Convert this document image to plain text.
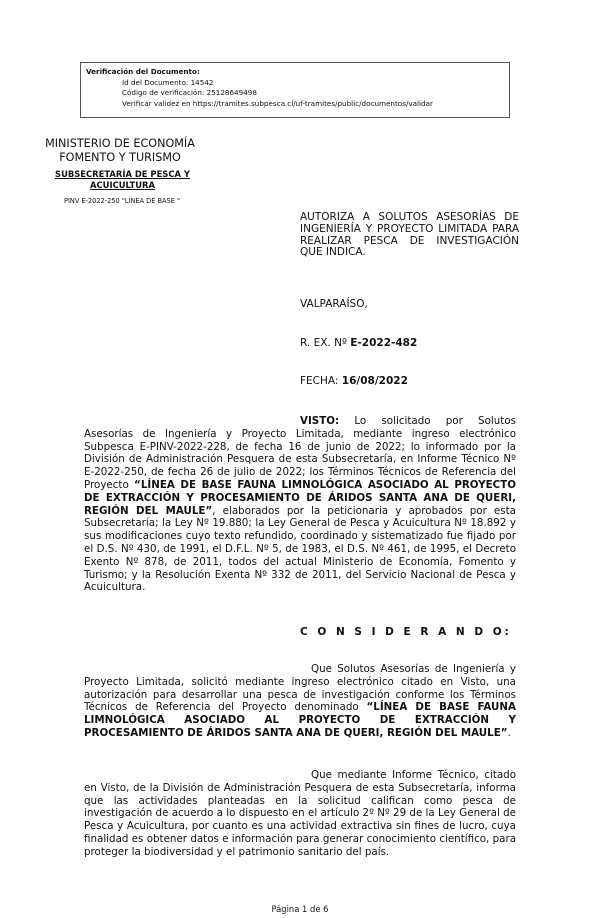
Verificación del Documento:
• Id del Documento: 14542
• Código de verificación: 25128649498
• Verificar validez en https://tramites.subpesca.cl/uf-tramites/public/documentos/validar
MINISTERIO DE ECONOMÍA
FOMENTO Y TURISMO
SUBSECRETARÍA DE PESCA Y
ACUICULTURA
PINV E-2022-250 "LÍNEA DE BASE "
AUTORIZA A SOLUTOS ASESORÍAS DE INGENIERÍA Y PROYECTO LIMITADA PARA REALIZAR PESCA DE INVESTIGACIÓN QUE INDICA.
VALPARAÍSO,
R. EX. Nº E-2022-482
FECHA: 16/08/2022
VISTO: Lo solicitado por Solutos Asesorías de Ingeniería y Proyecto Limitada, mediante ingreso electrónico Subpesca E-PINV-2022-228, de fecha 16 de junio de 2022; lo informado por la División de Administración Pesquera de esta Subsecretaría, en Informe Técnico Nº E-2022-250, de fecha 26 de julio de 2022; los Términos Técnicos de Referencia del Proyecto “LÍNEA DE BASE FAUNA LIMNOLÓGICA ASOCIADO AL PROYECTO DE EXTRACCIÓN Y PROCESAMIENTO DE ÁRIDOS SANTA ANA DE QUERI, REGIÓN DEL MAULE”, elaborados por la peticionaria y aprobados por esta Subsecretaría; la Ley Nº 19.880; la Ley General de Pesca y Acuicultura Nº 18.892 y sus modificaciones cuyo texto refundido, coordinado y sistematizado fue fijado por el D.S. Nº 430, de 1991, el D.F.L. Nº 5, de 1983, el D.S. Nº 461, de 1995, el Decreto Exento Nº 878, de 2011, todos del actual Ministerio de Economía, Fomento y Turismo; y la Resolución Exenta Nº 332 de 2011, del Servicio Nacional de Pesca y Acuicultura.
C O N S I D E R A N D O:
Que Solutos Asesorías de Ingeniería y Proyecto Limitada, solicitó mediante ingreso electrónico citado en Visto, una autorización para desarrollar una pesca de investigación conforme los Términos Técnicos de Referencia del Proyecto denominado “LÍNEA DE BASE FAUNA LIMNOLÓGICA ASOCIADO AL PROYECTO DE EXTRACCIÓN Y PROCESAMIENTO DE ÁRIDOS SANTA ANA DE QUERI, REGIÓN DEL MAULE”.
Que mediante Informe Técnico, citado en Visto, de la División de Administración Pesquera de esta Subsecretaría, informa que las actividades planteadas en la solicitud califican como pesca de investigación de acuerdo a lo dispuesto en el artículo 2º Nº 29 de la Ley General de Pesca y Acuicultura, por cuanto es una actividad extractiva sin fines de lucro, cuya finalidad es obtener datos e información para generar conocimiento científico, para proteger la biodiversidad y el patrimonio sanitario del país.
Página 1 de 6
